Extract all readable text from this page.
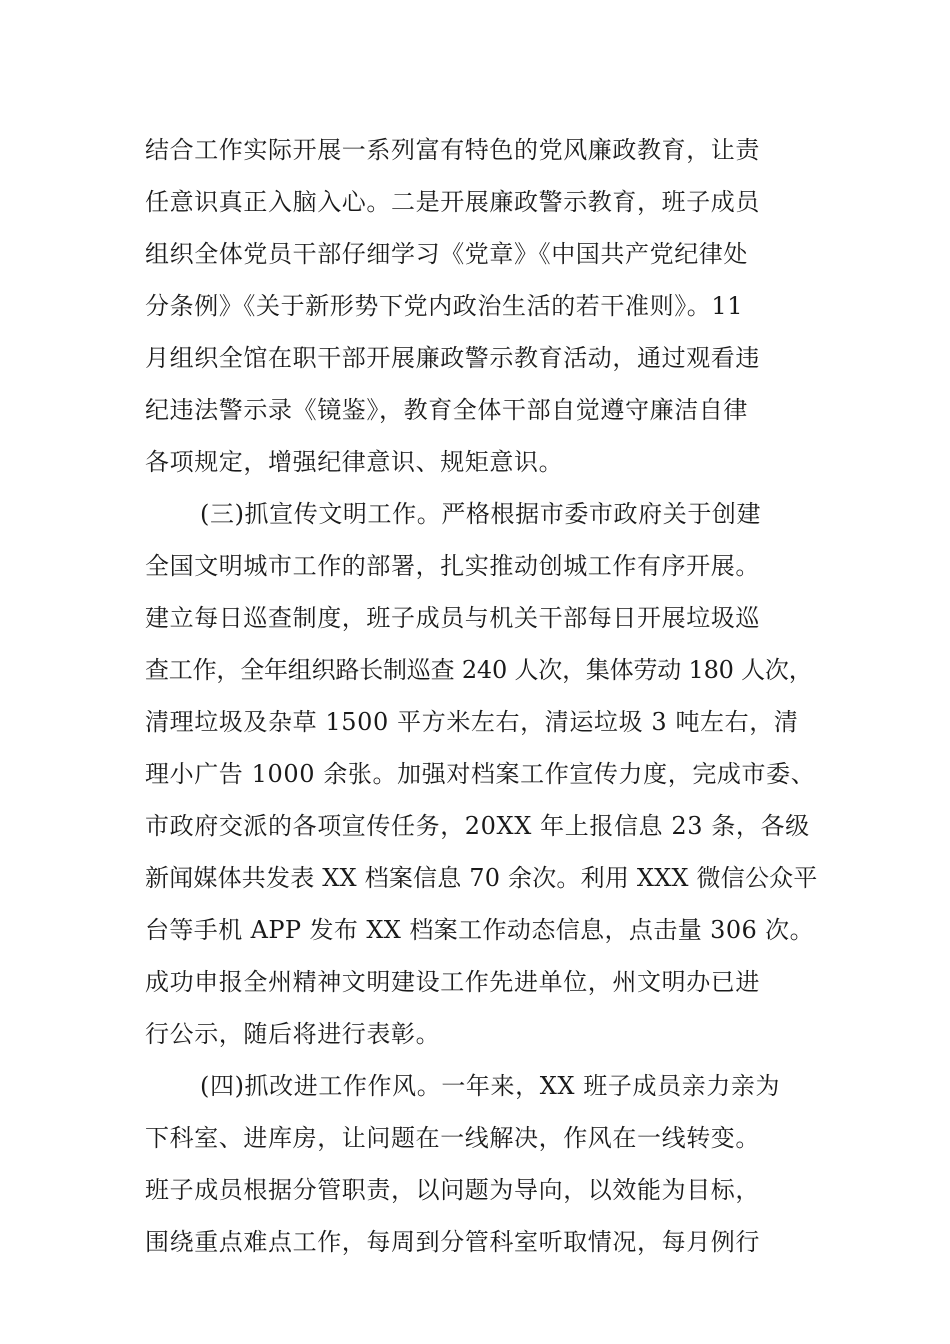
结合工作实际开展一系列富有特色的党风廉政教育，让责
任意识真正入脑入心。二是开展廉政警示教育，班子成员
组织全体党员干部仔细学习《党章》《中国共产党纪律处
分条例》《关于新形势下党内政治生活的若干准则》。11
月组织全馆在职干部开展廉政警示教育活动，通过观看违
纪违法警示录《镜鉴》，教育全体干部自觉遵守廉洁自律
各项规定，增强纪律意识、规矩意识。
(三)抓宣传文明工作。严格根据市委市政府关于创建
全国文明城市工作的部署，扎实推动创城工作有序开展。
建立每日巡查制度，班子成员与机关干部每日开展垃圾巡
查工作，全年组织路长制巡查 240 人次，集体劳动 180 人次，
清理垃圾及杂草 1500 平方米左右，清运垃圾 3 吨左右，清
理小广告 1000 余张。加强对档案工作宣传力度，完成市委、
市政府交派的各项宣传任务，20XX 年上报信息 23 条，各级
新闻媒体共发表 XX 档案信息 70 余次。利用 XXX 微信公众平
台等手机 APP 发布 XX 档案工作动态信息，点击量 306 次。
成功申报全州精神文明建设工作先进单位，州文明办已进
行公示，随后将进行表彰。
(四)抓改进工作作风。一年来，XX 班子成员亲力亲为
下科室、进库房，让问题在一线解决，作风在一线转变。
班子成员根据分管职责，以问题为导向，以效能为目标，
围绕重点难点工作，每周到分管科室听取情况，每月例行
